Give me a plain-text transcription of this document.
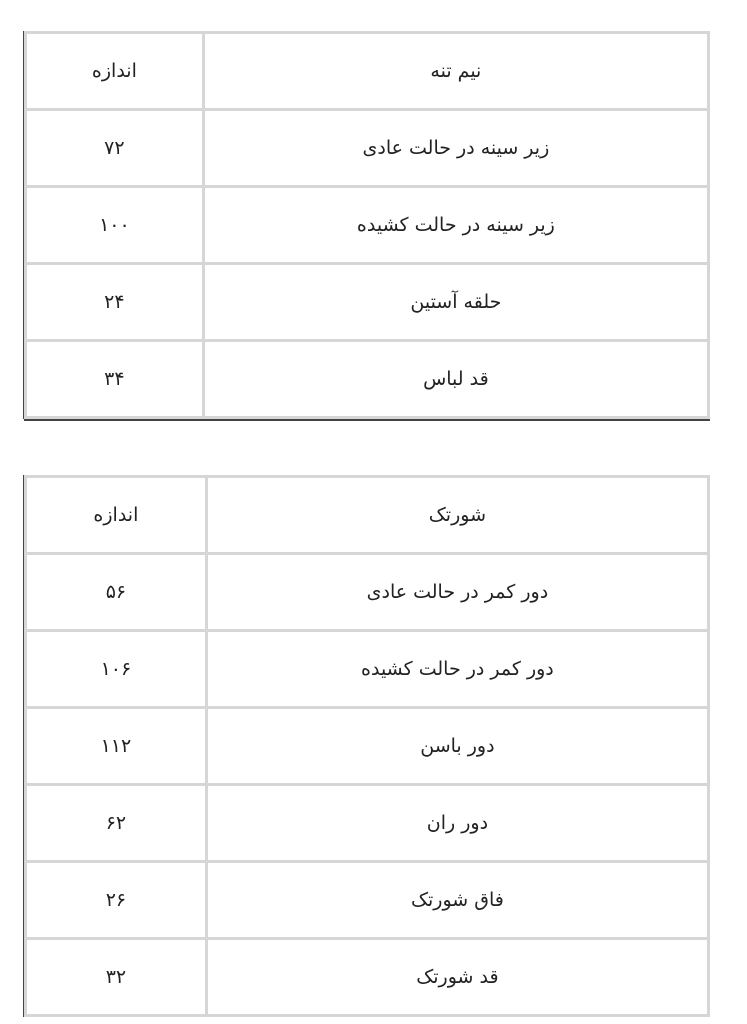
نیم تنه	اندازه
زیر سینه در حالت عادی	۷۲
زیر سینه در حالت کشیده	۱۰۰
حلقه آستین	۲۴
قد لباس	۳۴
شورتک	اندازه
دور کمر در حالت عادی	۵۶
دور کمر در حالت کشیده	۱۰۶
دور باسن	۱۱۲
دور ران	۶۲
فاق شورتک	۲۶
قد شورتک	۳۲
